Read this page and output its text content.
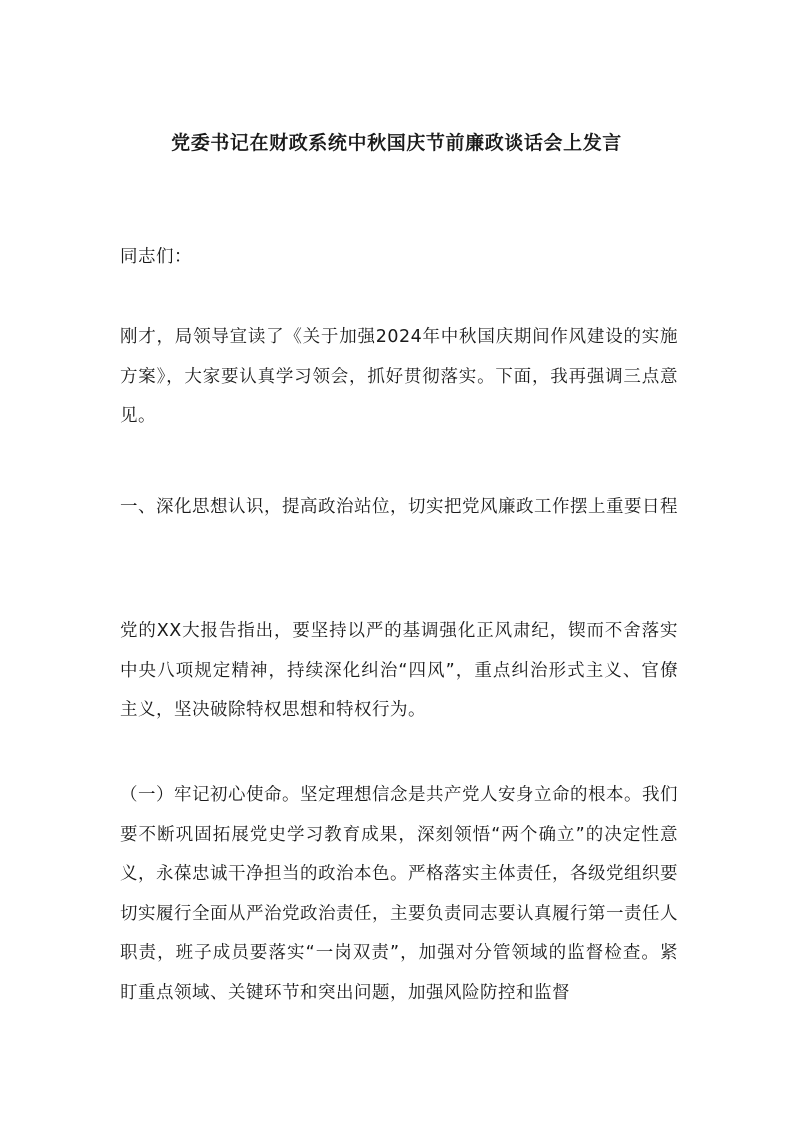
党委书记在财政系统中秋国庆节前廉政谈话会上发言

同志们：

刚才，局领导宣读了《关于加强2024年中秋国庆期间作风建设的实施方案》，大家要认真学习领会，抓好贯彻落实。下面，我再强调三点意见。

一、深化思想认识，提高政治站位，切实把党风廉政工作摆上重要日程

党的XX大报告指出，要坚持以严的基调强化正风肃纪，锲而不舍落实中央八项规定精神，持续深化纠治“四风”，重点纠治形式主义、官僚主义，坚决破除特权思想和特权行为。

（一）牢记初心使命。坚定理想信念是共产党人安身立命的根本。我们要不断巩固拓展党史学习教育成果，深刻领悟“两个确立”的决定性意义，永葆忠诚干净担当的政治本色。严格落实主体责任，各级党组织要切实履行全面从严治党政治责任，主要负责同志要认真履行第一责任人职责，班子成员要落实“一岗双责”，加强对分管领域的监督检查。紧盯重点领域、关键环节和突出问题，加强风险防控和监督
